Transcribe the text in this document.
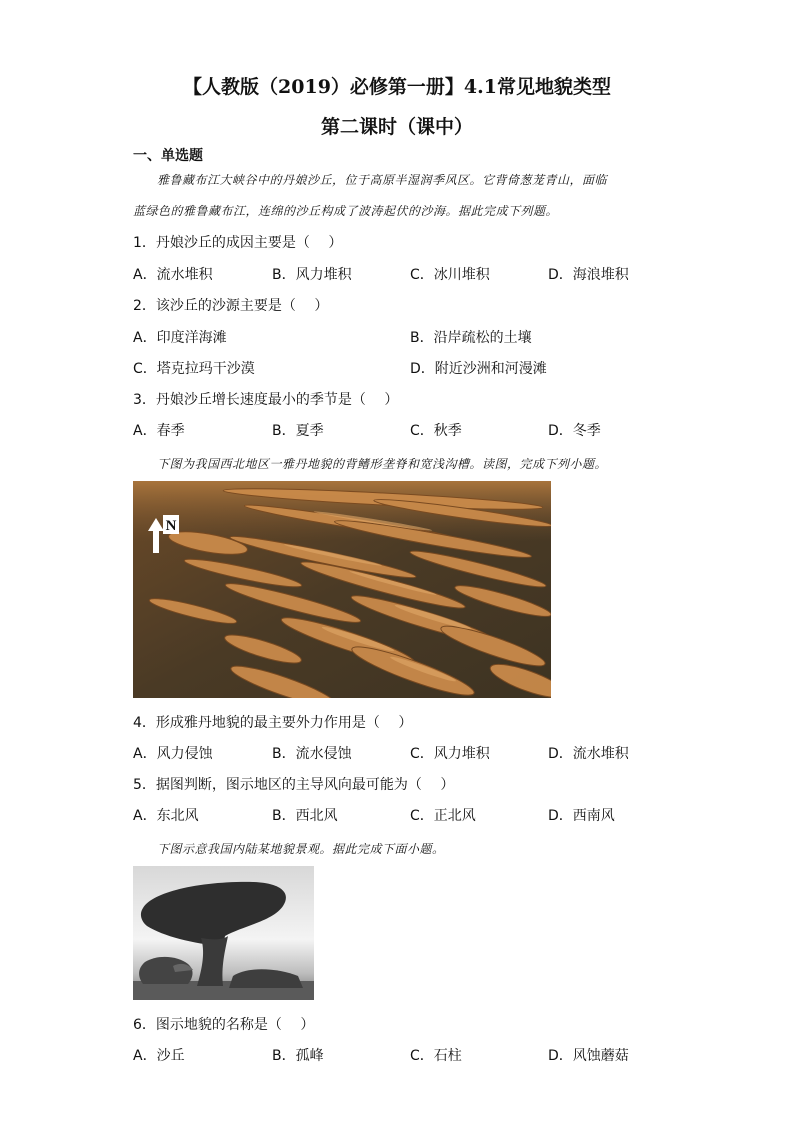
【人教版（2019）必修第一册】4.1常见地貌类型
第二课时（课中）
一、单选题
雅鲁藏布江大峡谷中的丹娘沙丘，位于高原半湿润季风区。它背倚葱茏青山，面临
蓝绿色的雅鲁藏布江，连绵的沙丘构成了波涛起伏的沙海。据此完成下列题。
1．丹娘沙丘的成因主要是（　 ）
A．流水堆积	B．风力堆积	C．冰川堆积	D．海浪堆积
2．该沙丘的沙源主要是（　 ）
A．印度洋海滩	B．沿岸疏松的土壤
C．塔克拉玛干沙漠	D．附近沙洲和河漫滩
3．丹娘沙丘增长速度最小的季节是（　 ）
A．春季	B．夏季	C．秋季	D．冬季
下图为我国西北地区一雅丹地貌的背鳍形垄脊和宽浅沟槽。读图，完成下列小题。
N
4．形成雅丹地貌的最主要外力作用是（　 ）
A．风力侵蚀	B．流水侵蚀	C．风力堆积	D．流水堆积
5．据图判断，图示地区的主导风向最可能为（　 ）
A．东北风	B．西北风	C．正北风	D．西南风
下图示意我国内陆某地貌景观。据此完成下面小题。
6．图示地貌的名称是（　 ）
A．沙丘	B．孤峰	C．石柱	D．风蚀蘑菇
